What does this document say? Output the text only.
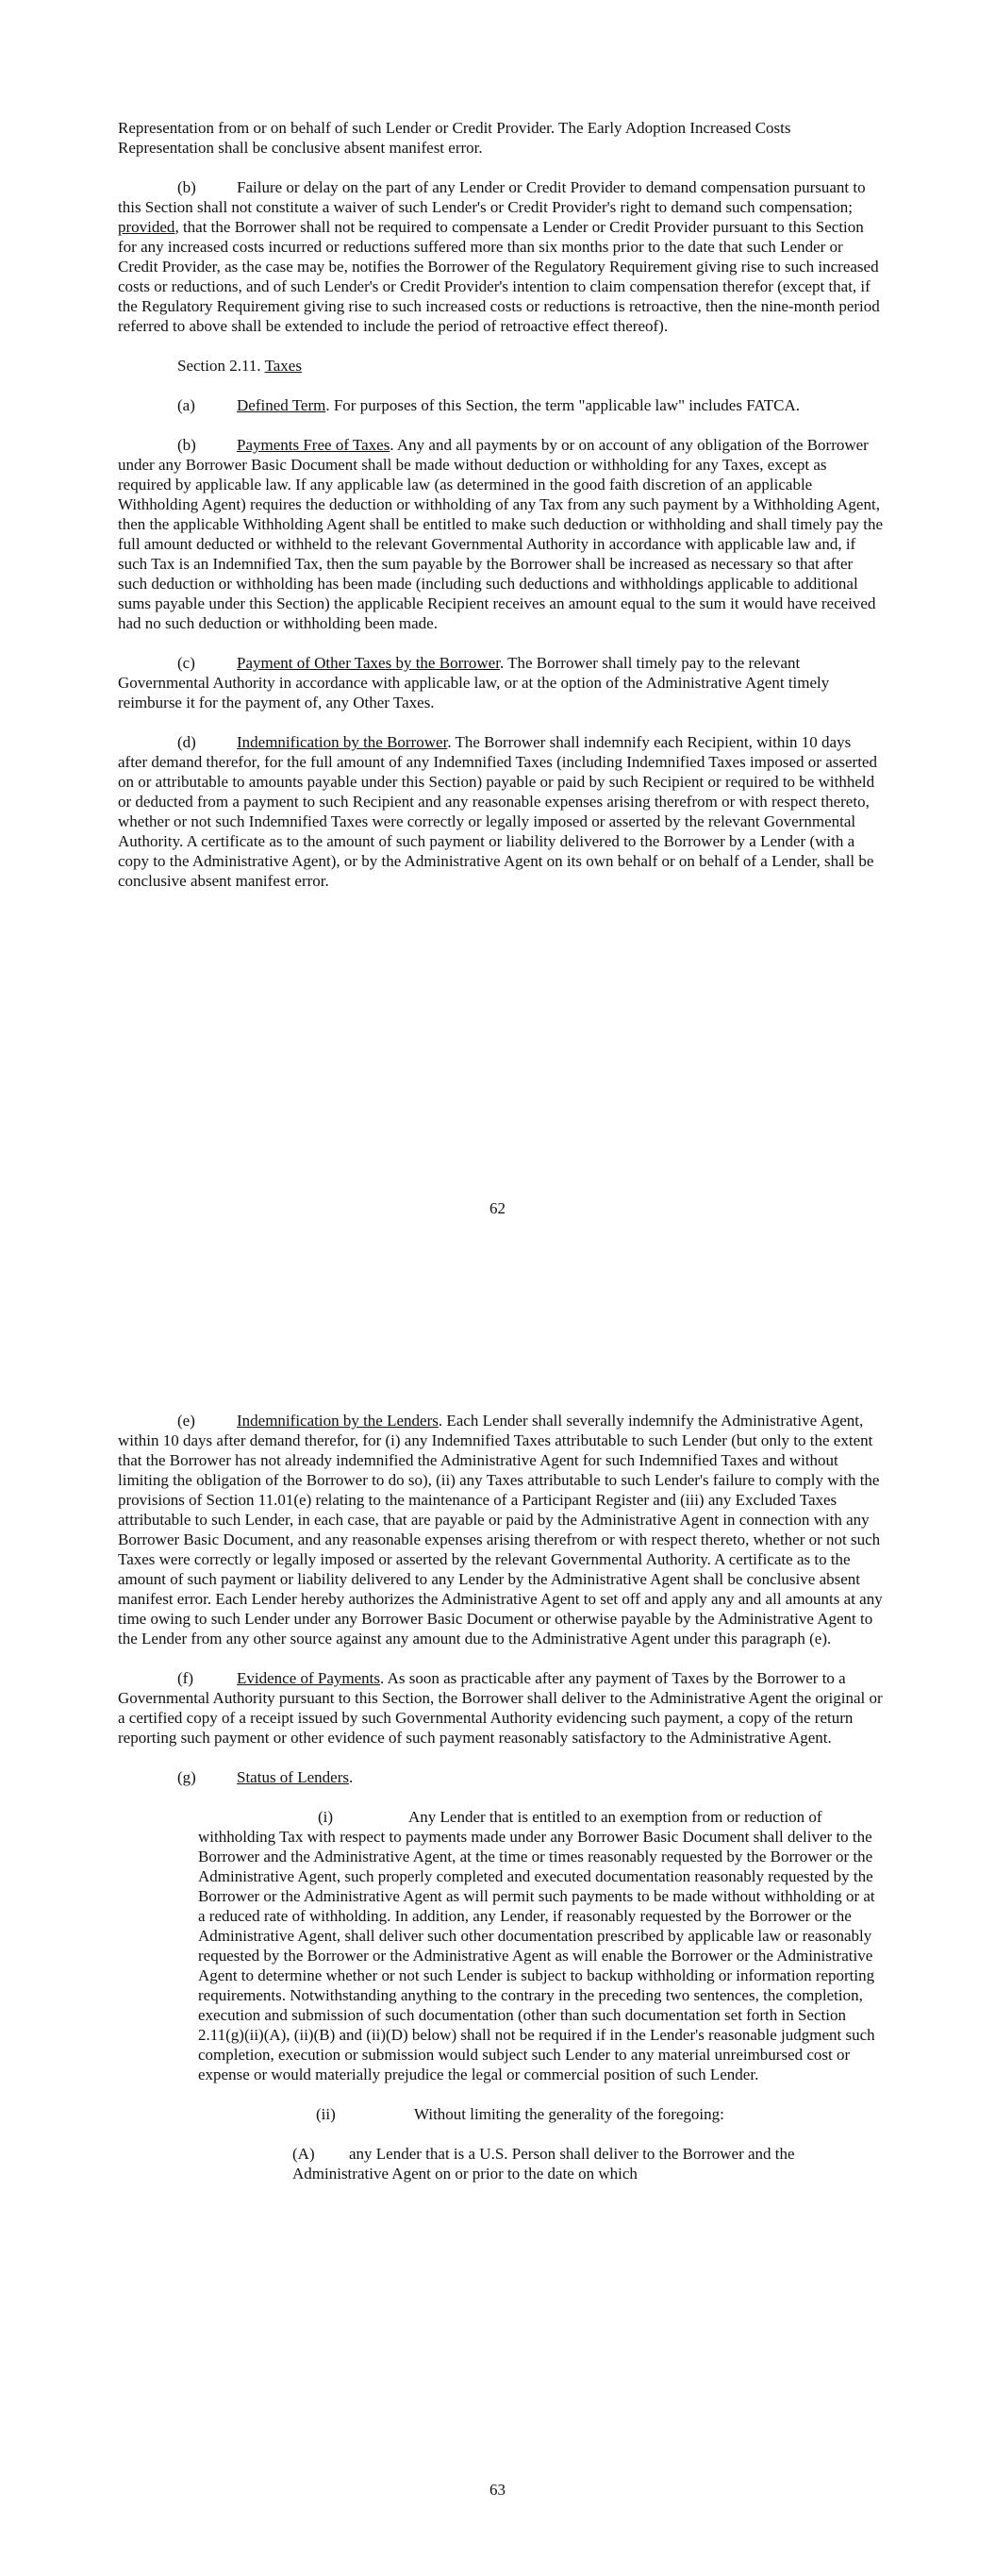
Representation from or on behalf of such Lender or Credit Provider. The Early Adoption Increased Costs Representation shall be conclusive absent manifest error.

(b)	Failure or delay on the part of any Lender or Credit Provider to demand compensation pursuant to this Section shall not constitute a waiver of such Lender's or Credit Provider's right to demand such compensation; provided, that the Borrower shall not be required to compensate a Lender or Credit Provider pursuant to this Section for any increased costs incurred or reductions suffered more than six months prior to the date that such Lender or Credit Provider, as the case may be, notifies the Borrower of the Regulatory Requirement giving rise to such increased costs or reductions, and of such Lender's or Credit Provider's intention to claim compensation therefor (except that, if the Regulatory Requirement giving rise to such increased costs or reductions is retroactive, then the nine-month period referred to above shall be extended to include the period of retroactive effect thereof).

Section 2.11. Taxes

(a)	Defined Term. For purposes of this Section, the term "applicable law" includes FATCA.

(b)	Payments Free of Taxes. Any and all payments by or on account of any obligation of the Borrower under any Borrower Basic Document shall be made without deduction or withholding for any Taxes, except as required by applicable law. If any applicable law (as determined in the good faith discretion of an applicable Withholding Agent) requires the deduction or withholding of any Tax from any such payment by a Withholding Agent, then the applicable Withholding Agent shall be entitled to make such deduction or withholding and shall timely pay the full amount deducted or withheld to the relevant Governmental Authority in accordance with applicable law and, if such Tax is an Indemnified Tax, then the sum payable by the Borrower shall be increased as necessary so that after such deduction or withholding has been made (including such deductions and withholdings applicable to additional sums payable under this Section) the applicable Recipient receives an amount equal to the sum it would have received had no such deduction or withholding been made.

(c)	Payment of Other Taxes by the Borrower. The Borrower shall timely pay to the relevant Governmental Authority in accordance with applicable law, or at the option of the Administrative Agent timely reimburse it for the payment of, any Other Taxes.

(d)	Indemnification by the Borrower. The Borrower shall indemnify each Recipient, within 10 days after demand therefor, for the full amount of any Indemnified Taxes (including Indemnified Taxes imposed or asserted on or attributable to amounts payable under this Section) payable or paid by such Recipient or required to be withheld or deducted from a payment to such Recipient and any reasonable expenses arising therefrom or with respect thereto, whether or not such Indemnified Taxes were correctly or legally imposed or asserted by the relevant Governmental Authority. A certificate as to the amount of such payment or liability delivered to the Borrower by a Lender (with a copy to the Administrative Agent), or by the Administrative Agent on its own behalf or on behalf of a Lender, shall be conclusive absent manifest error.

62

(e)	Indemnification by the Lenders. Each Lender shall severally indemnify the Administrative Agent, within 10 days after demand therefor, for (i) any Indemnified Taxes attributable to such Lender (but only to the extent that the Borrower has not already indemnified the Administrative Agent for such Indemnified Taxes and without limiting the obligation of the Borrower to do so), (ii) any Taxes attributable to such Lender's failure to comply with the provisions of Section 11.01(e) relating to the maintenance of a Participant Register and (iii) any Excluded Taxes attributable to such Lender, in each case, that are payable or paid by the Administrative Agent in connection with any Borrower Basic Document, and any reasonable expenses arising therefrom or with respect thereto, whether or not such Taxes were correctly or legally imposed or asserted by the relevant Governmental Authority. A certificate as to the amount of such payment or liability delivered to any Lender by the Administrative Agent shall be conclusive absent manifest error. Each Lender hereby authorizes the Administrative Agent to set off and apply any and all amounts at any time owing to such Lender under any Borrower Basic Document or otherwise payable by the Administrative Agent to the Lender from any other source against any amount due to the Administrative Agent under this paragraph (e).

(f)	Evidence of Payments. As soon as practicable after any payment of Taxes by the Borrower to a Governmental Authority pursuant to this Section, the Borrower shall deliver to the Administrative Agent the original or a certified copy of a receipt issued by such Governmental Authority evidencing such payment, a copy of the return reporting such payment or other evidence of such payment reasonably satisfactory to the Administrative Agent.

(g)	Status of Lenders.

(i)	Any Lender that is entitled to an exemption from or reduction of withholding Tax with respect to payments made under any Borrower Basic Document shall deliver to the Borrower and the Administrative Agent, at the time or times reasonably requested by the Borrower or the Administrative Agent, such properly completed and executed documentation reasonably requested by the Borrower or the Administrative Agent as will permit such payments to be made without withholding or at a reduced rate of withholding. In addition, any Lender, if reasonably requested by the Borrower or the Administrative Agent, shall deliver such other documentation prescribed by applicable law or reasonably requested by the Borrower or the Administrative Agent as will enable the Borrower or the Administrative Agent to determine whether or not such Lender is subject to backup withholding or information reporting requirements. Notwithstanding anything to the contrary in the preceding two sentences, the completion, execution and submission of such documentation (other than such documentation set forth in Section 2.11(g)(ii)(A), (ii)(B) and (ii)(D) below) shall not be required if in the Lender's reasonable judgment such completion, execution or submission would subject such Lender to any material unreimbursed cost or expense or would materially prejudice the legal or commercial position of such Lender.

(ii)	Without limiting the generality of the foregoing:

(A) any Lender that is a U.S. Person shall deliver to the Borrower and the Administrative Agent on or prior to the date on which

63
